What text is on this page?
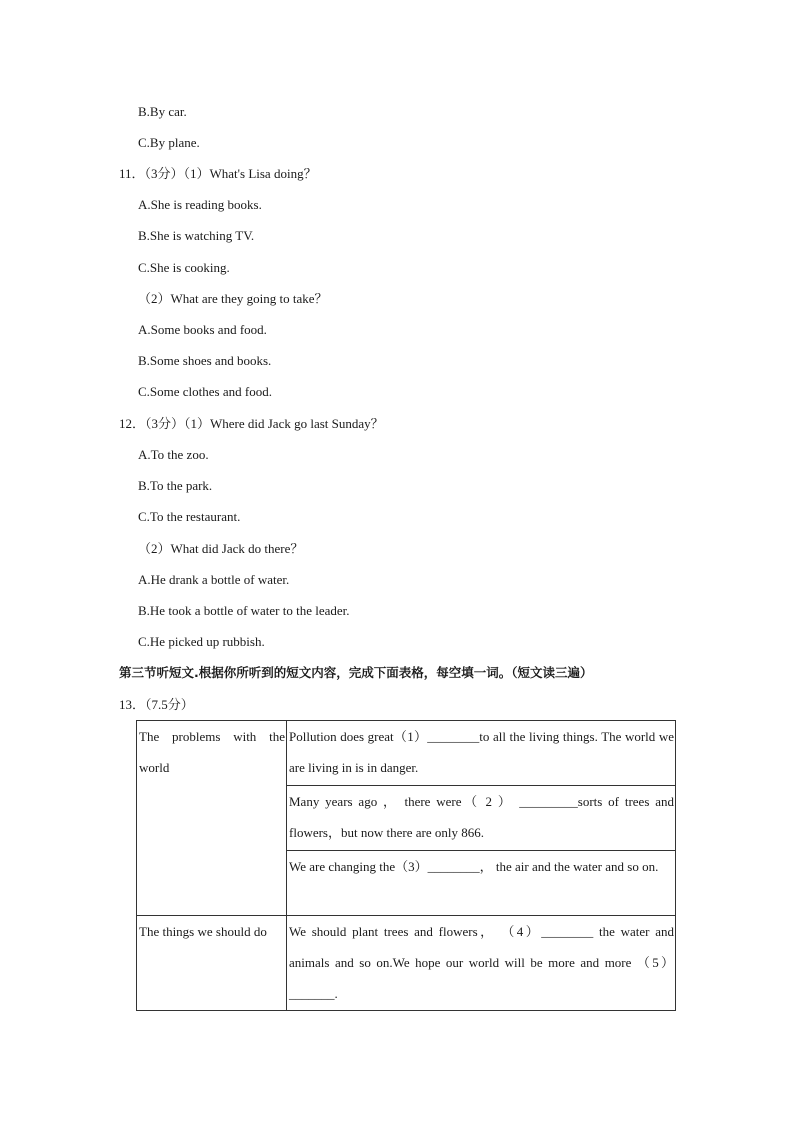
B.By car.
C.By plane.
11．（3分）（1）What's Lisa doing？
A.She is reading books.
B.She is watching TV.
C.She is cooking.
（2）What are they going to take？
A.Some books and food.
B.Some shoes and books.
C.Some clothes and food.
12．（3分）（1）Where did Jack go last Sunday？
A.To the zoo.
B.To the park.
C.To the restaurant.
（2）What did Jack do there？
A.He drank a bottle of water.
B.He took a bottle of water to the leader.
C.He picked up rubbish.
第三节听短文.根据你所听到的短文内容，完成下面表格，每空填一词。（短文读三遍）
13．（7.5分）
The problems with the world	Pollution does great（1）________to all the living things. The world we are living in is in danger.

	Many years ago ， there were（ 2 ） _________sorts of trees and flowers，but now there are only 866.

	We are changing the（3）________， the air and the water and so on.

The things we should do	We should plant trees and flowers， （4）________ the water and animals and so on.We hope our world will be more and more （5）_______.
